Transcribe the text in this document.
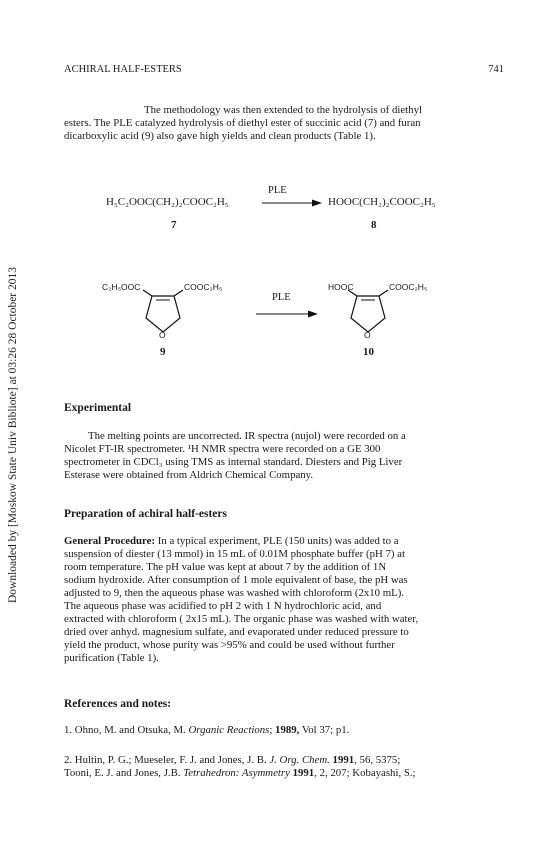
Downloaded by [Moskow State Univ Bibliote] at 03:26 28 October 2013
ACHIRAL HALF-ESTERS	741
The methodology was then extended to the hydrolysis of diethyl
esters. The PLE catalyzed hydrolysis of diethyl ester of succinic acid (7) and furan
dicarboxylic acid (9) also gave high yields and clean products (Table 1).
H₅C₂OOC(CH₂)₂COOC₂H₅
PLE
→ HOOC(CH₂)₂COOC₂H₅
7	8
C₂H₅OOC	COOC₂H₅
O
9
PLE
HOOC	COOC₂H₅
O
10
Experimental
The melting points are uncorrected. IR spectra (nujol) were recorded on a
Nicolet FT-IR spectrometer. ¹H NMR spectra were recorded on a GE 300
spectrometer in CDCl₃ using TMS as internal standard. Diesters and Pig Liver
Esterase were obtained from Aldrich Chemical Company.
Preparation of achiral half-esters
General Procedure: In a typical experiment, PLE (150 units) was added to a
suspension of diester (13 mmol) in 15 mL of 0.01M phosphate buffer (pH 7) at
room temperature. The pH value was kept at about 7 by the addition of 1N
sodium hydroxide. After consumption of 1 mole equivalent of base, the pH was
adjusted to 9, then the aqueous phase was washed with chloroform (2x10 mL).
The aqueous phase was acidified to pH 2 with 1 N hydrochloric acid, and
extracted with chloroform ( 2x15 mL). The organic phase was washed with water,
dried over anhyd. magnesium sulfate, and evaporated under reduced pressure to
yield the product, whose purity was >95% and could be used without further
purification (Table 1).
References and notes:
1. Ohno, M. and Otsuka, M. Organic Reactions; 1989, Vol 37; p1.
2. Hultin, P. G.; Mueseler, F. J. and Jones, J. B. J. Org. Chem. 1991, 56, 5375;
Tooni, E. J. and Jones, J.B. Tetrahedron: Asymmetry 1991, 2, 207; Kobayashi, S.;
